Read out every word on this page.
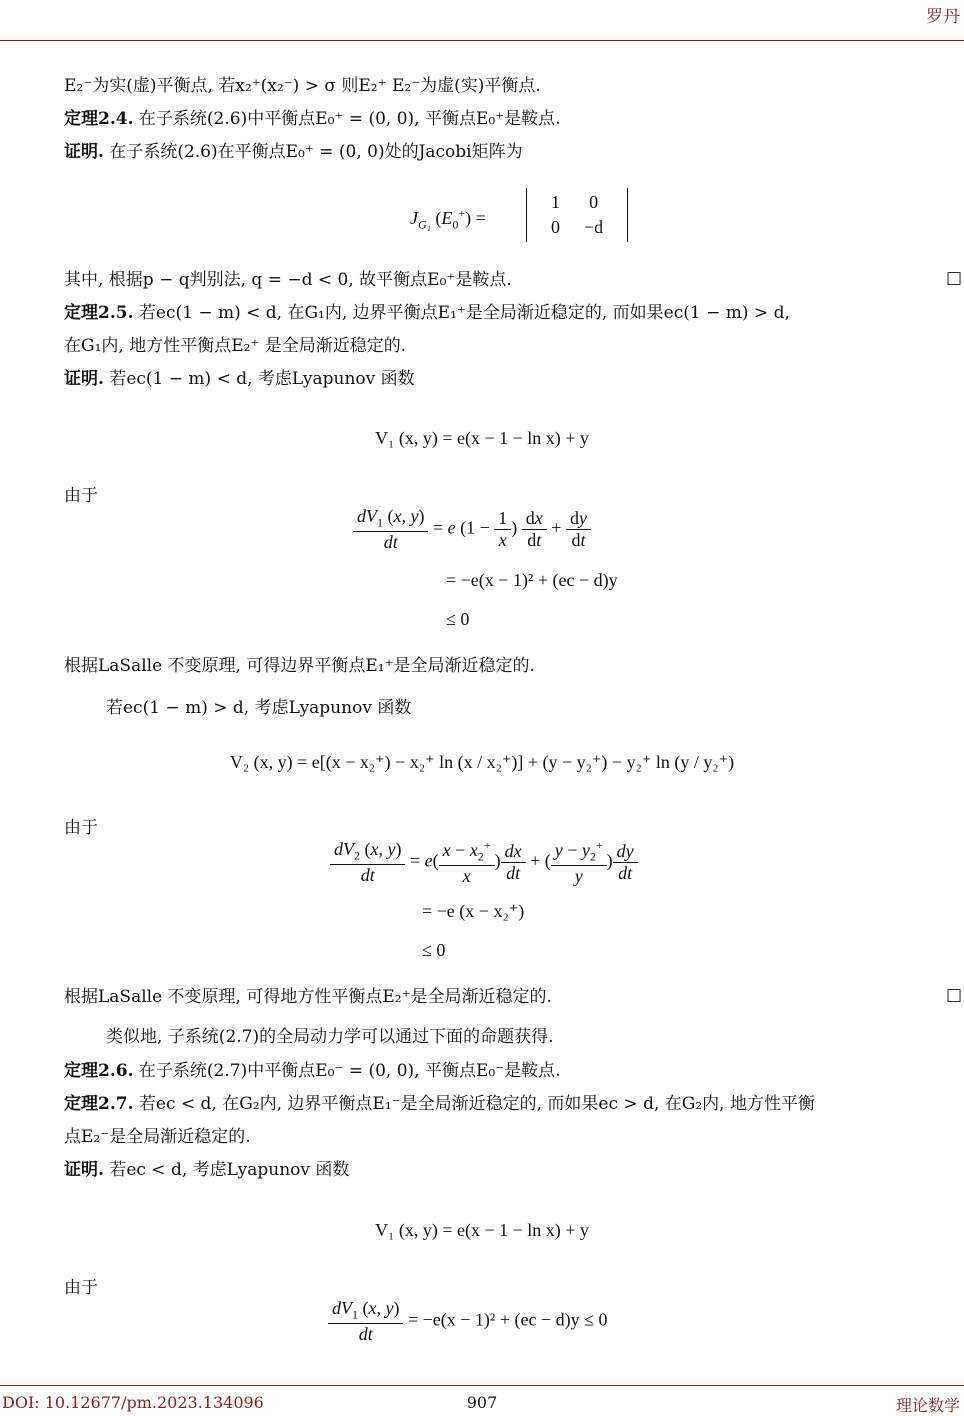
罗丹
E₂⁻为实(虚)平衡点, 若x₂⁺(x₂⁻) > σ 则E₂⁺ E₂⁻为虚(实)平衡点.
定理2.4. 在子系统(2.6)中平衡点E₀⁺ = (0, 0), 平衡点E₀⁺是鞍点.
证明. 在子系统(2.6)在平衡点E₀⁺ = (0, 0)处的Jacobi矩阵为
$J_{G_1}$ $(E_0^+)$ =
1	0
0	−d
其中, 根据p − q判别法, q = −d < 0, 故平衡点E₀⁺是鞍点.	□
定理2.5. 若ec(1 − m) < d, 在G₁内, 边界平衡点E₁⁺是全局渐近稳定的, 而如果ec(1 − m) > d,
在G₁内, 地方性平衡点E₂⁺ 是全局渐近稳定的.
证明. 若ec(1 − m) < d, 考虑Lyapunov 函数
V₁ (x, y) = e(x − 1 − ln x) + y
由于
$\frac{dV_1 (x, y)}{dt} = e$ ($1 - \frac{1}{x}$ ) $\frac{dx}{dt} + \frac{dy}{dt}$
= −e(x − 1)² + (ec − d)y
≤ 0
根据LaSalle 不变原理, 可得边界平衡点E₁⁺是全局渐近稳定的.
若ec(1 − m) > d, 考虑Lyapunov 函数
V₂ (x, y) = e[(x − x₂⁺) − x₂⁺ ln (x / x₂⁺)] + (y − y₂⁺) − y₂⁺ ln (y / y₂⁺)
由于
$\frac{dV_2 (x, y)}{dt} = e( \frac{x - x_2^+}{x}$ ) $\frac{dx}{dt}$ + ( $\frac{y - y_2^+}{y}$ ) $\frac{dy}{dt}$
= −e (x − x₂⁺)
≤ 0
根据LaSalle 不变原理, 可得地方性平衡点E₂⁺是全局渐近稳定的.	□
类似地, 子系统(2.7)的全局动力学可以通过下面的命题获得.
定理2.6. 在子系统(2.7)中平衡点E₀⁻ = (0, 0), 平衡点E₀⁻是鞍点.
定理2.7. 若ec < d, 在G₂内, 边界平衡点E₁⁻是全局渐近稳定的, 而如果ec > d, 在G₂内, 地方性平衡
点E₂⁻是全局渐近稳定的.
证明. 若ec < d, 考虑Lyapunov 函数
V₁ (x, y) = e(x − 1 − ln x) + y
由于
$\frac{dV_1 (x, y)}{dt} = -e(x - 1)^2 + (ec - d)y \le 0$
DOI: 10.12677/pm.2023.134096	907	理论数学
